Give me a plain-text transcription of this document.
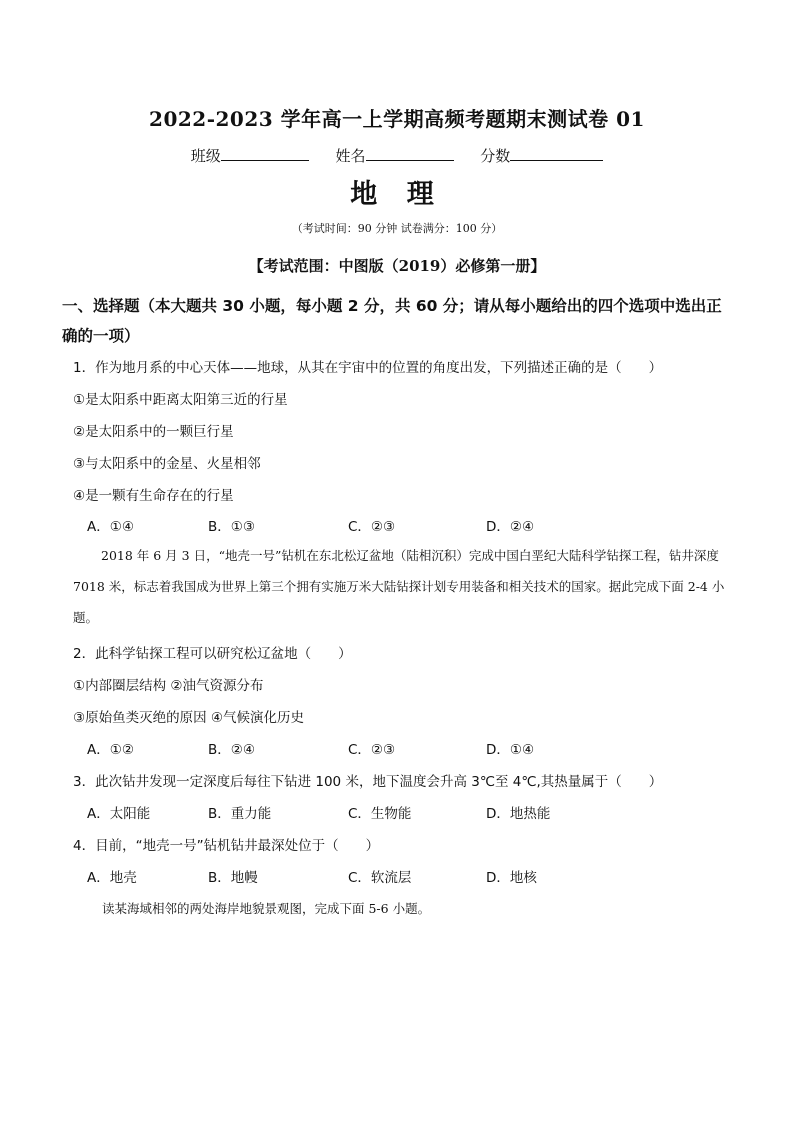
2022-2023 学年高一上学期高频考题期末测试卷 01
班级	姓名	分数
地 理
（考试时间：90 分钟 试卷满分：100 分）
【考试范围：中图版（2019）必修第一册】
一、选择题（本大题共 30 小题，每小题 2 分，共 60 分；请从每小题给出的四个选项中选出正确的一项）
1．作为地月系的中心天体——地球，从其在宇宙中的位置的角度出发，下列描述正确的是（　　）
①是太阳系中距离太阳第三近的行星
②是太阳系中的一颗巨行星
③与太阳系中的金星、火星相邻
④是一颗有生命存在的行星
A．①④	B．①③	C．②③	D．②④
2018 年 6 月 3 日，“地壳一号”钻机在东北松辽盆地（陆相沉积）完成中国白垩纪大陆科学钻探工程，钻井深度 7018 米，标志着我国成为世界上第三个拥有实施万米大陆钻探计划专用装备和相关技术的国家。据此完成下面 2-4 小题。
2．此科学钻探工程可以研究松辽盆地（　　）
①内部圈层结构 ②油气资源分布
③原始鱼类灭绝的原因 ④气候演化历史
A．①②	B．②④	C．②③	D．①④
3．此次钻井发现一定深度后每往下钻进 100 米，地下温度会升高 3℃至 4℃,其热量属于（　　）
A．太阳能	B．重力能	C．生物能	D．地热能
4．目前，“地壳一号”钻机钻井最深处位于（　　）
A．地壳	B．地幔	C．软流层	D．地核
读某海域相邻的两处海岸地貌景观图，完成下面 5-6 小题。
